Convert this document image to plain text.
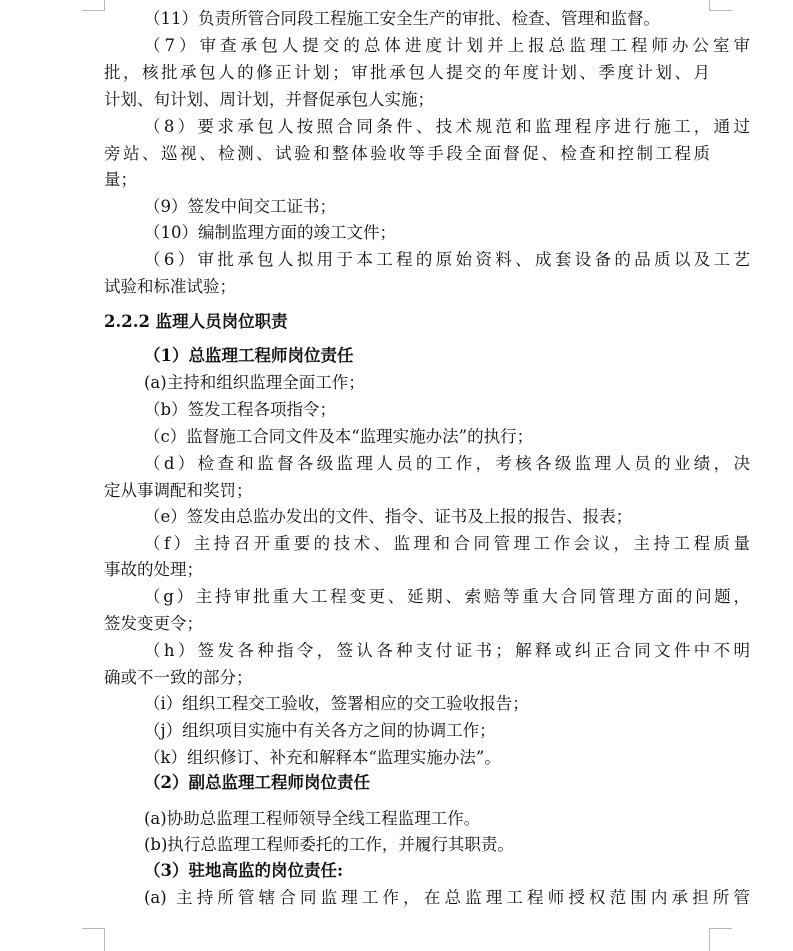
（11）负责所管合同段工程施工安全生产的审批、检查、管理和监督。
（7）审查承包人提交的总体进度计划并上报总监理工程师办公室审
批，核批承包人的修正计划；审批承包人提交的年度计划、季度计划、月
计划、旬计划、周计划，并督促承包人实施；
（8）要求承包人按照合同条件、技术规范和监理程序进行施工，通过
旁站、巡视、检测、试验和整体验收等手段全面督促、检查和控制工程质
量；
（9）签发中间交工证书；
（10）编制监理方面的竣工文件；
（6）审批承包人拟用于本工程的原始资料、成套设备的品质以及工艺
试验和标准试验；
2.2.2 监理人员岗位职责
（1）总监理工程师岗位责任
(a)主持和组织监理全面工作；
（b）签发工程各项指令；
（c）监督施工合同文件及本“监理实施办法”的执行；
（d）检查和监督各级监理人员的工作，考核各级监理人员的业绩，决
定从事调配和奖罚；
（e）签发由总监办发出的文件、指令、证书及上报的报告、报表；
（f）主持召开重要的技术、监理和合同管理工作会议，主持工程质量
事故的处理；
（g）主持审批重大工程变更、延期、索赔等重大合同管理方面的问题，
签发变更令；
（h）签发各种指令，签认各种支付证书；解释或纠正合同文件中不明
确或不一致的部分；
（i）组织工程交工验收，签署相应的交工验收报告；
（j）组织项目实施中有关各方之间的协调工作；
（k）组织修订、补充和解释本“监理实施办法”。
（2）副总监理工程师岗位责任
(a)协助总监理工程师领导全线工程监理工作。
(b)执行总监理工程师委托的工作，并履行其职责。
（3）驻地高监的岗位责任:
(a) 主持所管辖合同监理工作，在总监理工程师授权范围内承担所管
